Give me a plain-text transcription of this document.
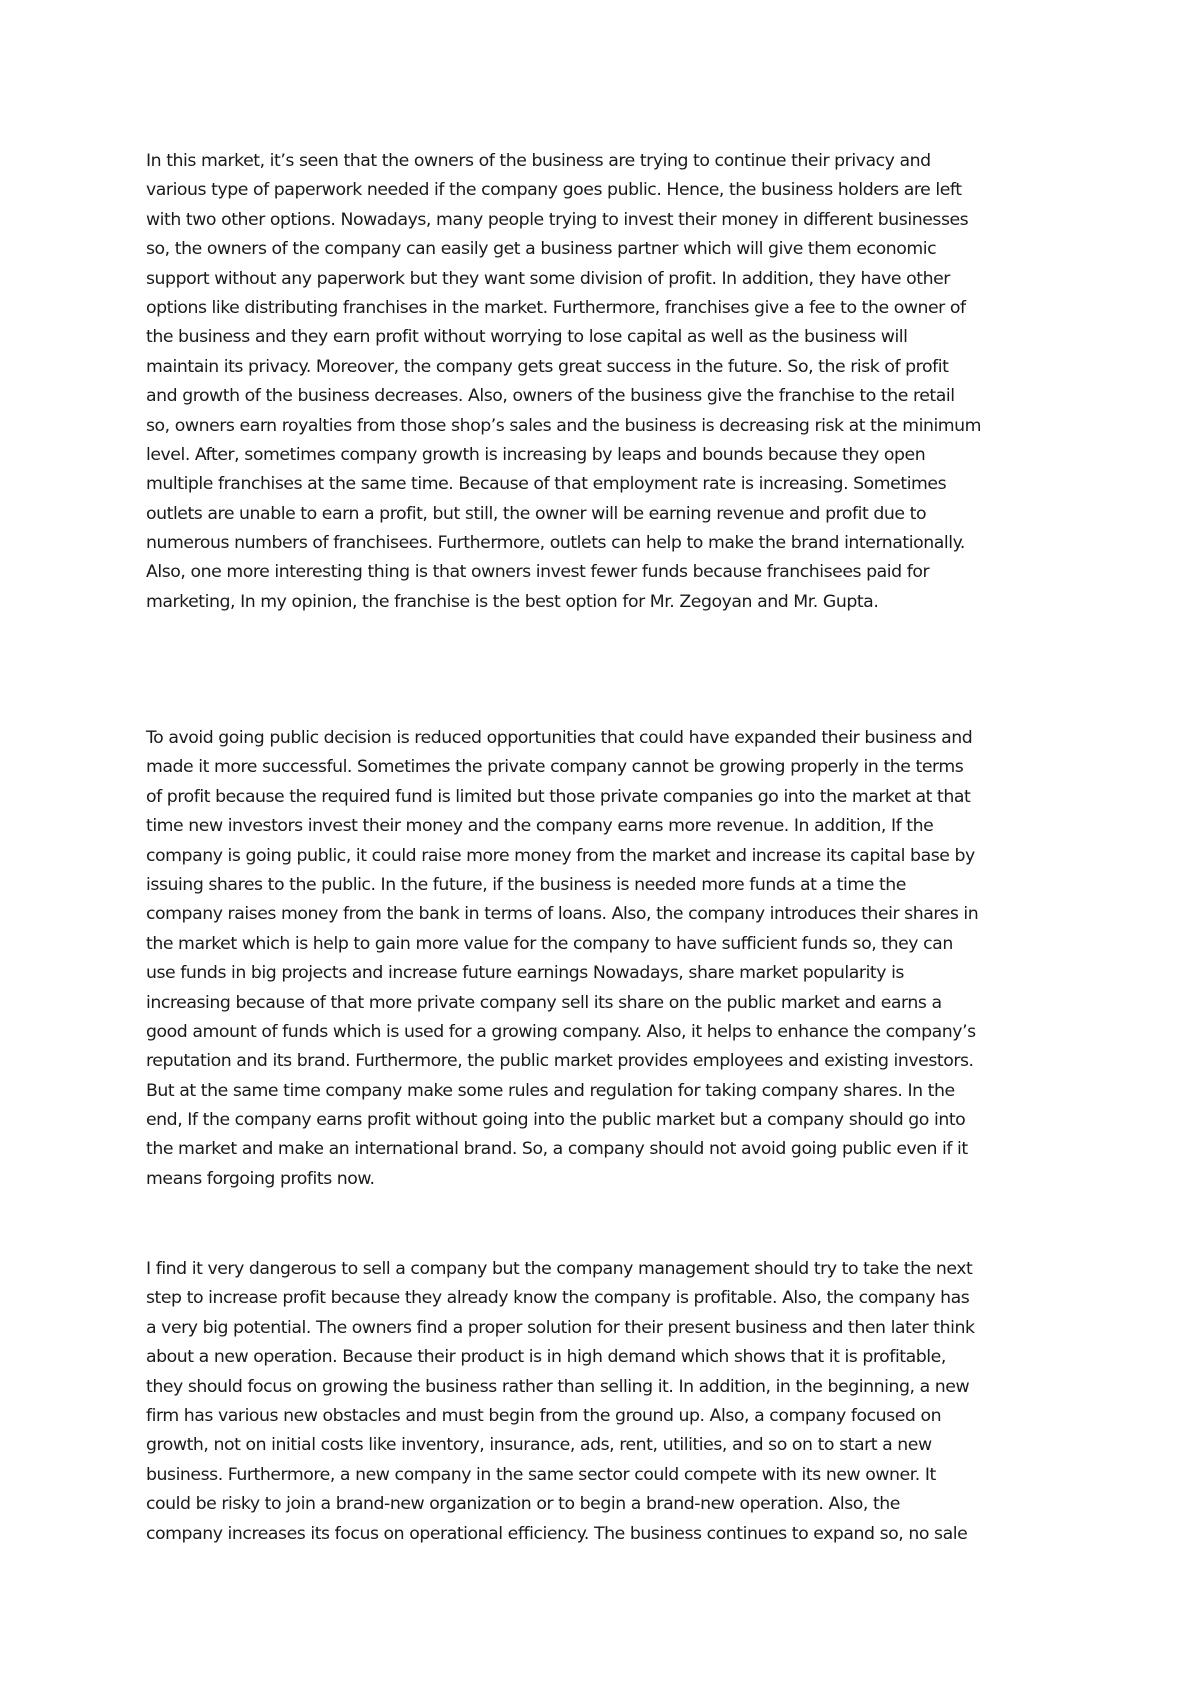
In this market, it’s seen that the owners of the business are trying to continue their privacy and
various type of paperwork needed if the company goes public. Hence, the business holders are left
with two other options. Nowadays, many people trying to invest their money in different businesses
so, the owners of the company can easily get a business partner which will give them economic
support without any paperwork but they want some division of profit. In addition, they have other
options like distributing franchises in the market. Furthermore, franchises give a fee to the owner of
the business and they earn profit without worrying to lose capital as well as the business will
maintain its privacy. Moreover, the company gets great success in the future. So, the risk of profit
and growth of the business decreases. Also, owners of the business give the franchise to the retail
so, owners earn royalties from those shop’s sales and the business is decreasing risk at the minimum
level. After, sometimes company growth is increasing by leaps and bounds because they open
multiple franchises at the same time. Because of that employment rate is increasing. Sometimes
outlets are unable to earn a profit, but still, the owner will be earning revenue and profit due to
numerous numbers of franchisees. Furthermore, outlets can help to make the brand internationally.
Also, one more interesting thing is that owners invest fewer funds because franchisees paid for
marketing, In my opinion, the franchise is the best option for Mr. Zegoyan and Mr. Gupta.
To avoid going public decision is reduced opportunities that could have expanded their business and
made it more successful. Sometimes the private company cannot be growing properly in the terms
of profit because the required fund is limited but those private companies go into the market at that
time new investors invest their money and the company earns more revenue. In addition, If the
company is going public, it could raise more money from the market and increase its capital base by
issuing shares to the public. In the future, if the business is needed more funds at a time the
company raises money from the bank in terms of loans. Also, the company introduces their shares in
the market which is help to gain more value for the company to have sufficient funds so, they can
use funds in big projects and increase future earnings Nowadays, share market popularity is
increasing because of that more private company sell its share on the public market and earns a
good amount of funds which is used for a growing company. Also, it helps to enhance the company’s
reputation and its brand. Furthermore, the public market provides employees and existing investors.
But at the same time company make some rules and regulation for taking company shares. In the
end, If the company earns profit without going into the public market but a company should go into
the market and make an international brand. So, a company should not avoid going public even if it
means forgoing profits now.
I find it very dangerous to sell a company but the company management should try to take the next
step to increase profit because they already know the company is profitable. Also, the company has
a very big potential. The owners find a proper solution for their present business and then later think
about a new operation. Because their product is in high demand which shows that it is profitable,
they should focus on growing the business rather than selling it. In addition, in the beginning, a new
firm has various new obstacles and must begin from the ground up. Also, a company focused on
growth, not on initial costs like inventory, insurance, ads, rent, utilities, and so on to start a new
business. Furthermore, a new company in the same sector could compete with its new owner. It
could be risky to join a brand-new organization or to begin a brand-new operation. Also, the
company increases its focus on operational efficiency. The business continues to expand so, no sale
